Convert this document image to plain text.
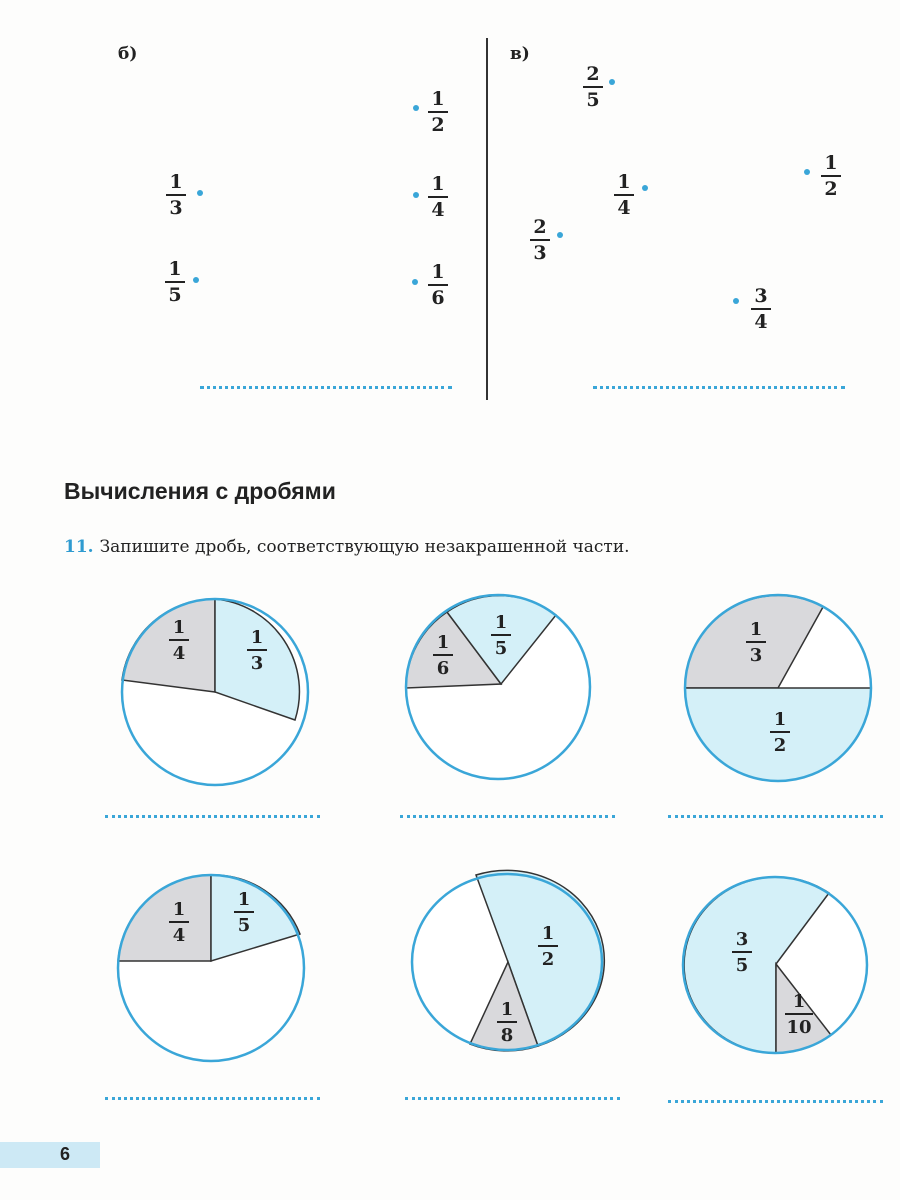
б)
1
2
1
3
1
4
1
5
1
6
в)
2
5
1
2
1
4
2
3
3
4
Вычисления с дробями
11. Запишите дробь, соответствующую незакрашенной части.
1
4
1
3
1
6
1
5
1
3
1
2
1
4
1
5	1
2
1
8
3
5
1
10
6
